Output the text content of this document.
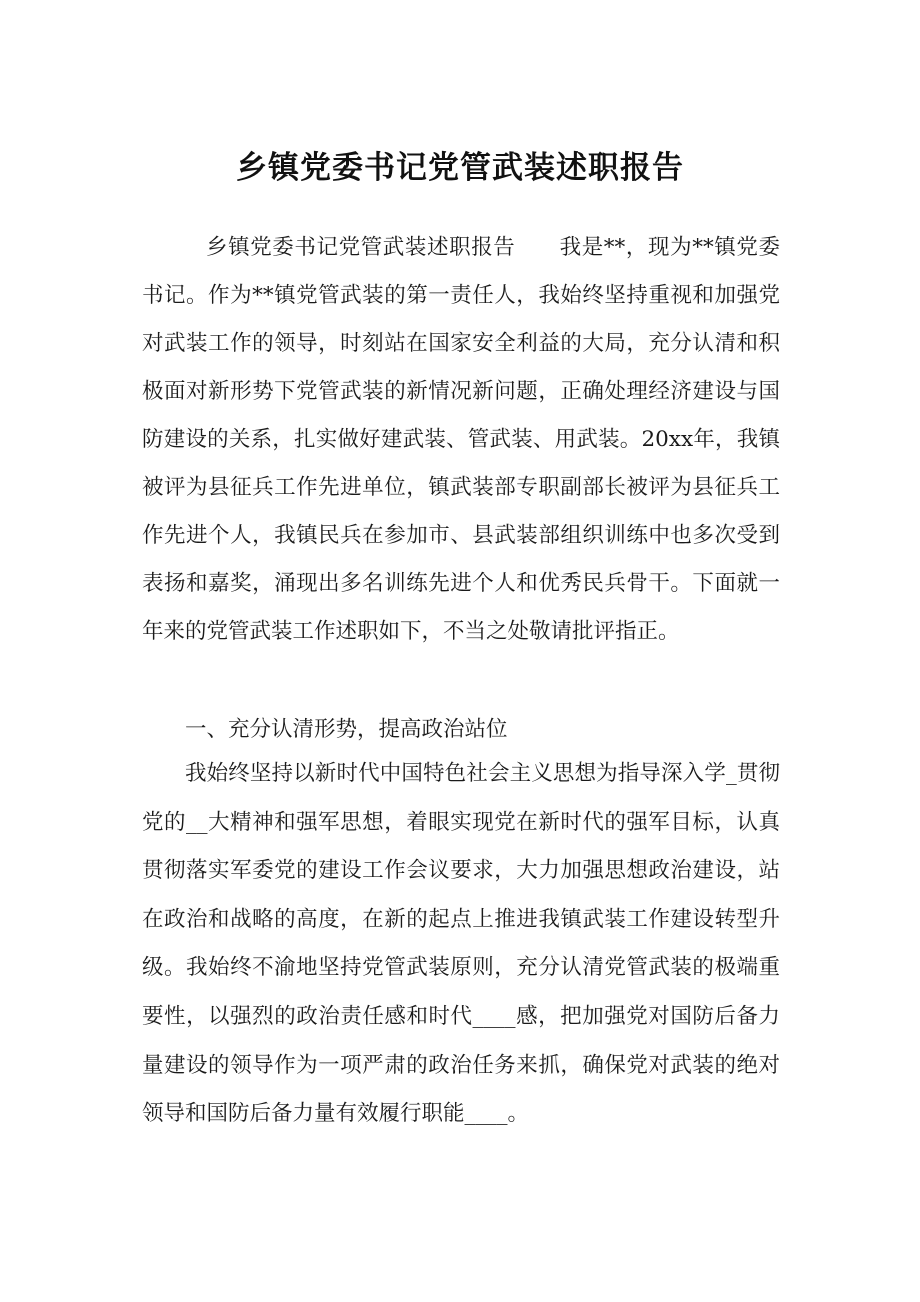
乡镇党委书记党管武装述职报告

乡镇党委书记党管武装述职报告　　我是**，现为**镇党委书记。作为**镇党管武装的第一责任人，我始终坚持重视和加强党对武装工作的领导，时刻站在国家安全利益的大局，充分认清和积极面对新形势下党管武装的新情况新问题，正确处理经济建设与国防建设的关系，扎实做好建武装、管武装、用武装。20xx年，我镇被评为县征兵工作先进单位，镇武装部专职副部长被评为县征兵工作先进个人，我镇民兵在参加市、县武装部组织训练中也多次受到表扬和嘉奖，涌现出多名训练先进个人和优秀民兵骨干。下面就一年来的党管武装工作述职如下，不当之处敬请批评指正。

一、充分认清形势，提高政治站位

我始终坚持以新时代中国特色社会主义思想为指导深入学_贯彻党的__大精神和强军思想，着眼实现党在新时代的强军目标，认真贯彻落实军委党的建设工作会议要求，大力加强思想政治建设，站在政治和战略的高度，在新的起点上推进我镇武装工作建设转型升级。我始终不渝地坚持党管武装原则，充分认清党管武装的极端重要性，以强烈的政治责任感和时代____感，把加强党对国防后备力量建设的领导作为一项严肃的政治任务来抓，确保党对武装的绝对领导和国防后备力量有效履行职能____。
